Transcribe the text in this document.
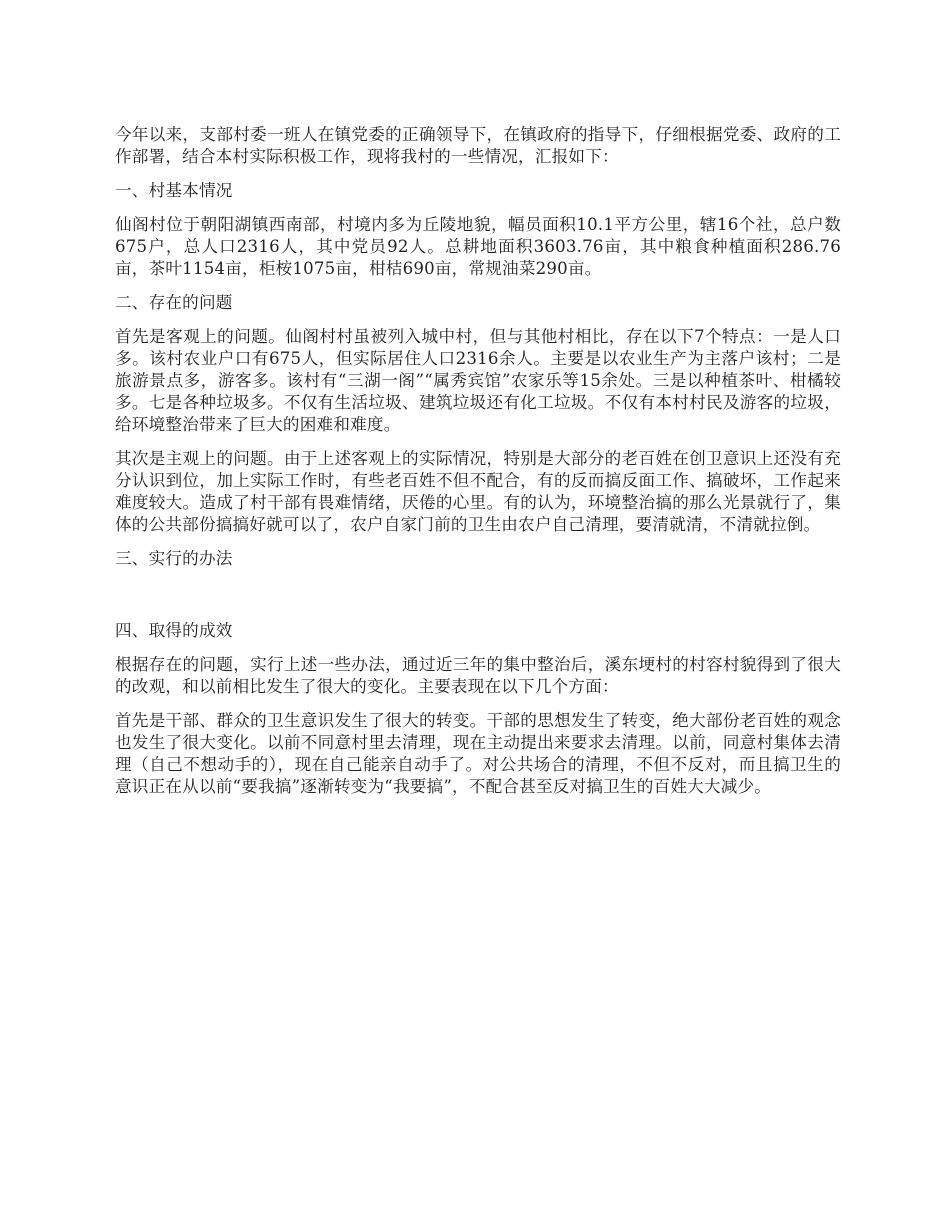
今年以来，支部村委一班人在镇党委的正确领导下，在镇政府的指导下，仔细根据党委、政府的工作部署，结合本村实际积极工作，现将我村的一些情况，汇报如下：

一、村基本情况

仙阁村位于朝阳湖镇西南部，村境内多为丘陵地貌，幅员面积10.1平方公里，辖16个社，总户数675户，总人口2316人，其中党员92人。总耕地面积3603.76亩，其中粮食种植面积286.76亩，茶叶1154亩，柜桉1075亩，柑桔690亩，常规油菜290亩。

二、存在的问题

首先是客观上的问题。仙阁村村虽被列入城中村，但与其他村相比，存在以下7个特点：一是人口多。该村农业户口有675人，但实际居住人口2316余人。主要是以农业生产为主落户该村；二是旅游景点多，游客多。该村有“三湖一阁”“属秀宾馆”农家乐等15余处。三是以种植茶叶、柑橘较多。七是各种垃圾多。不仅有生活垃圾、建筑垃圾还有化工垃圾。不仅有本村村民及游客的垃圾，给环境整治带来了巨大的困难和难度。

其次是主观上的问题。由于上述客观上的实际情况，特别是大部分的老百姓在创卫意识上还没有充分认识到位，加上实际工作时，有些老百姓不但不配合，有的反而搞反面工作、搞破坏，工作起来难度较大。造成了村干部有畏难情绪，厌倦的心里。有的认为，环境整治搞的那么光景就行了，集体的公共部份搞搞好就可以了，农户自家门前的卫生由农户自己清理，要清就清，不清就拉倒。

三、实行的办法

四、取得的成效

根据存在的问题，实行上述一些办法，通过近三年的集中整治后，溪东埂村的村容村貌得到了很大的改观，和以前相比发生了很大的变化。主要表现在以下几个方面：

首先是干部、群众的卫生意识发生了很大的转变。干部的思想发生了转变，绝大部份老百姓的观念也发生了很大变化。以前不同意村里去清理，现在主动提出来要求去清理。以前，同意村集体去清理（自己不想动手的），现在自己能亲自动手了。对公共场合的清理，不但不反对，而且搞卫生的意识正在从以前“要我搞”逐渐转变为“我要搞”，不配合甚至反对搞卫生的百姓大大减少。
